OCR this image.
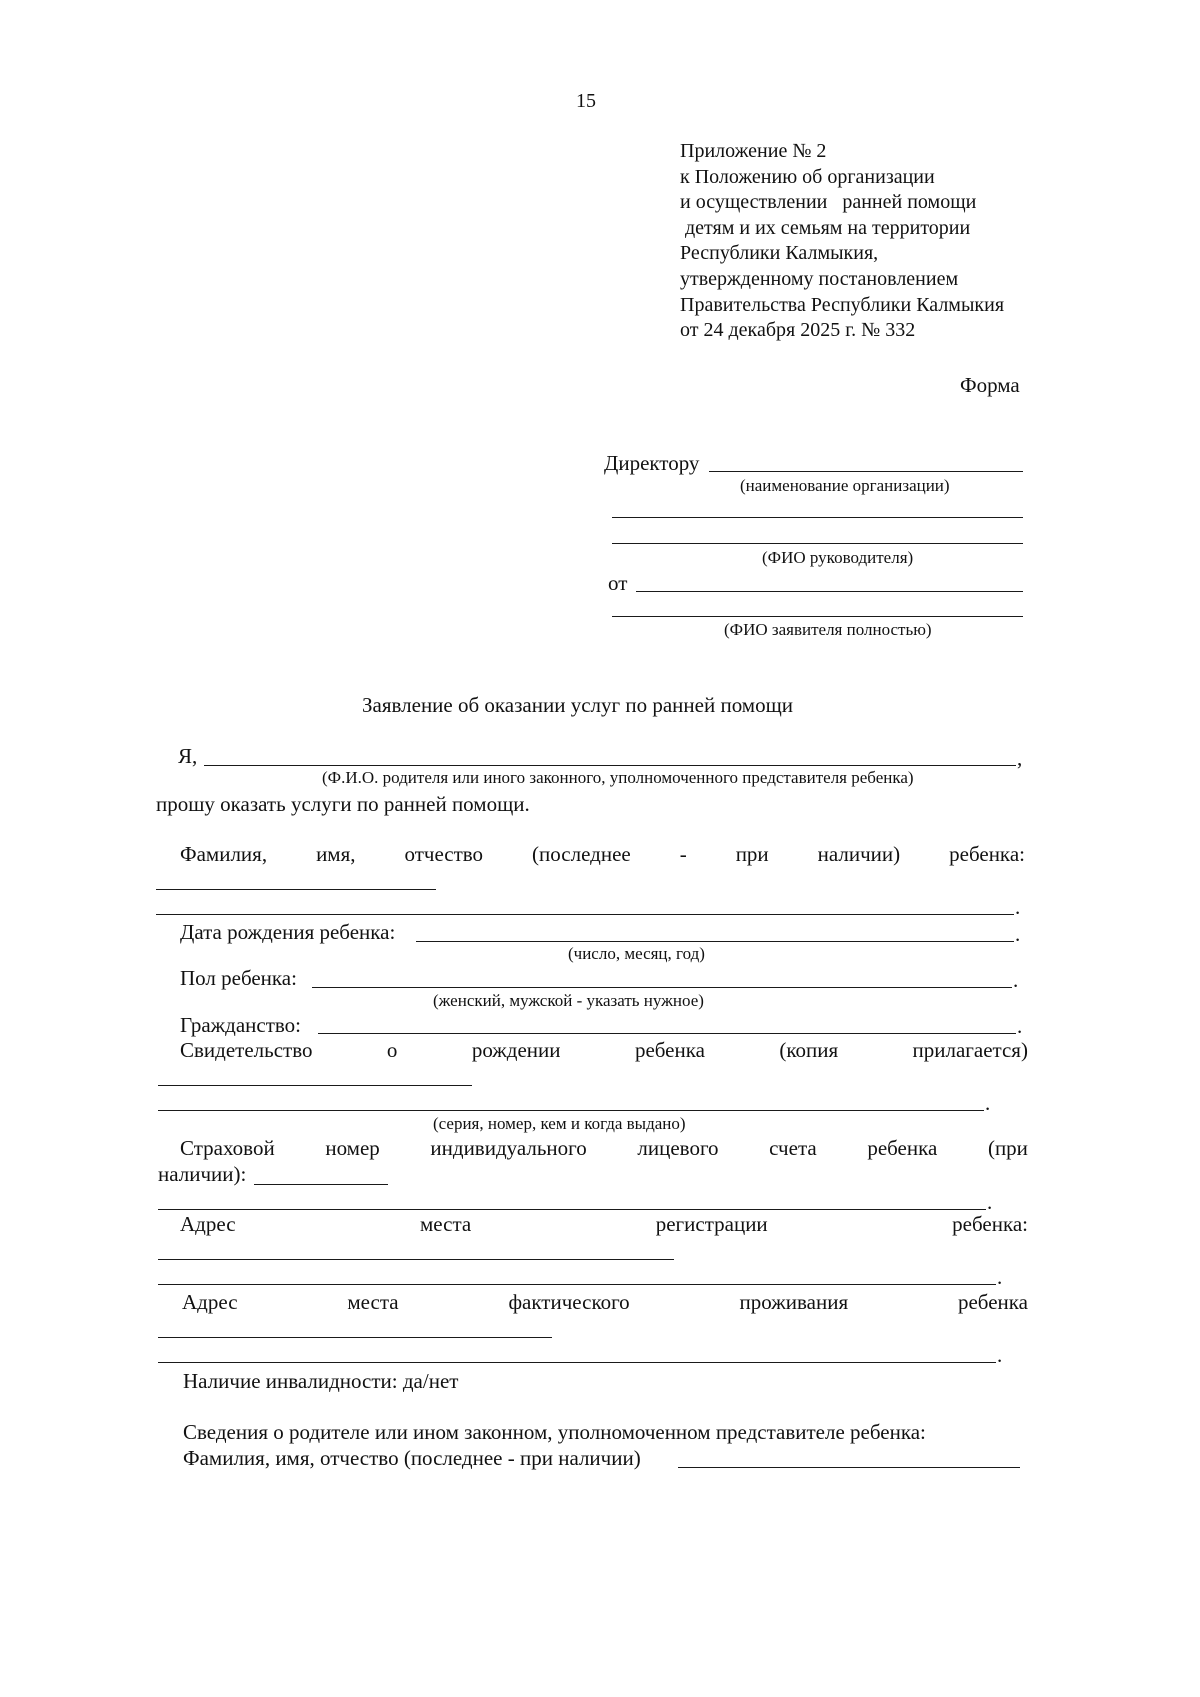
15
Приложение № 2
к Положению об организации
и осуществлении   ранней помощи
детям и их семьям на территории
Республики Калмыкия,
утвержденному постановлением
Правительства Республики Калмыкия
от 24 декабря 2025 г. № 332
Форма
Директору
(наименование организации)
(ФИО руководителя)
от
(ФИО заявителя полностью)
Заявление об оказании услуг по ранней помощи
Я,	,
(Ф.И.О. родителя или иного законного, уполномоченного представителя ребенка)
прошу оказать услуги по ранней помощи.
Фамилия, имя, отчество (последнее - при наличии) ребенка:
.
Дата рождения ребенка:	.
(число, месяц, год)
Пол ребенка:	.
(женский, мужской - указать нужное)
Гражданство:	.
Свидетельство	о	рождении	ребенка	(копия	прилагается)
.
(серия, номер, кем и когда выдано)
Страховой номер индивидуального лицевого счета ребенка (при
наличии):
.
Адрес	места	регистрации	ребенка:
.
Адрес	места	фактического	проживания	ребенка
.
Наличие инвалидности: да/нет
Сведения о родителе или ином законном, уполномоченном представителе ребенка:
Фамилия, имя, отчество (последнее - при наличии)
